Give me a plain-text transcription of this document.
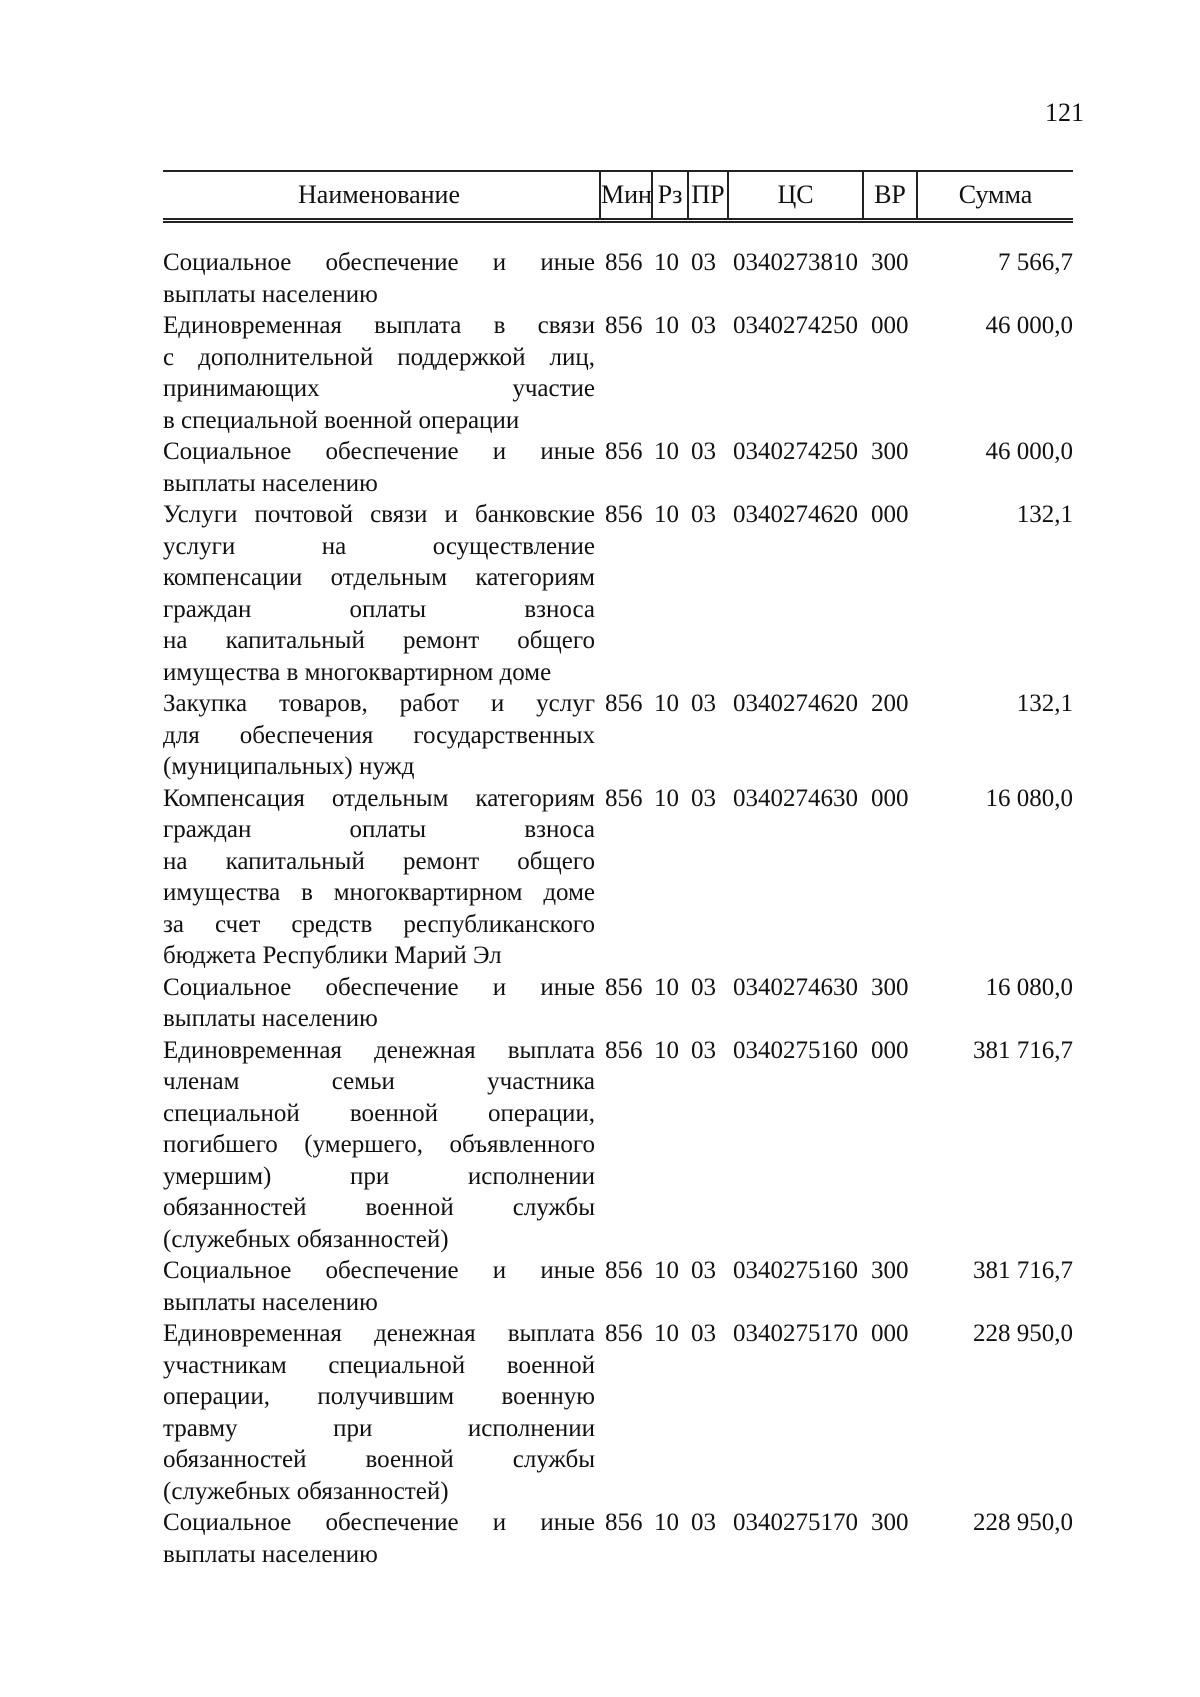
121
Наименование	Мин Рз ПР	ЦС	ВР	Сумма
Социальное обеспечение и иные
выплаты населению
856 10 03 0340273810 300	7 566,7
Единовременная выплата в связи
с дополнительной поддержкой лиц,
принимающих участие
в специальной военной операции
856 10 03 0340274250 000	46 000,0
Социальное обеспечение и иные
выплаты населению
856 10 03 0340274250 300	46 000,0
Услуги почтовой связи и банковские
услуги на осуществление
компенсации отдельным категориям
граждан оплаты взноса
на капитальный ремонт общего
имущества в многоквартирном доме
856 10 03 0340274620 000	132,1
Закупка товаров, работ и услуг
для обеспечения государственных
(муниципальных) нужд
856 10 03 0340274620 200	132,1
Компенсация отдельным категориям
граждан оплаты взноса
на капитальный ремонт общего
имущества в многоквартирном доме
за счет средств республиканского
бюджета Республики Марий Эл
856 10 03 0340274630 000	16 080,0
Социальное обеспечение и иные
выплаты населению
856 10 03 0340274630 300	16 080,0
Единовременная денежная выплата
членам семьи участника
специальной военной операции,
погибшего (умершего, объявленного
умершим) при исполнении
обязанностей военной службы
(служебных обязанностей)
856 10 03 0340275160 000	381 716,7
Социальное обеспечение и иные
выплаты населению
856 10 03 0340275160 300	381 716,7
Единовременная денежная выплата
участникам специальной военной
операции, получившим военную
травму при исполнении
обязанностей военной службы
(служебных обязанностей)
856 10 03 0340275170 000	228 950,0
Социальное обеспечение и иные
выплаты населению
856 10 03 0340275170 300	228 950,0
